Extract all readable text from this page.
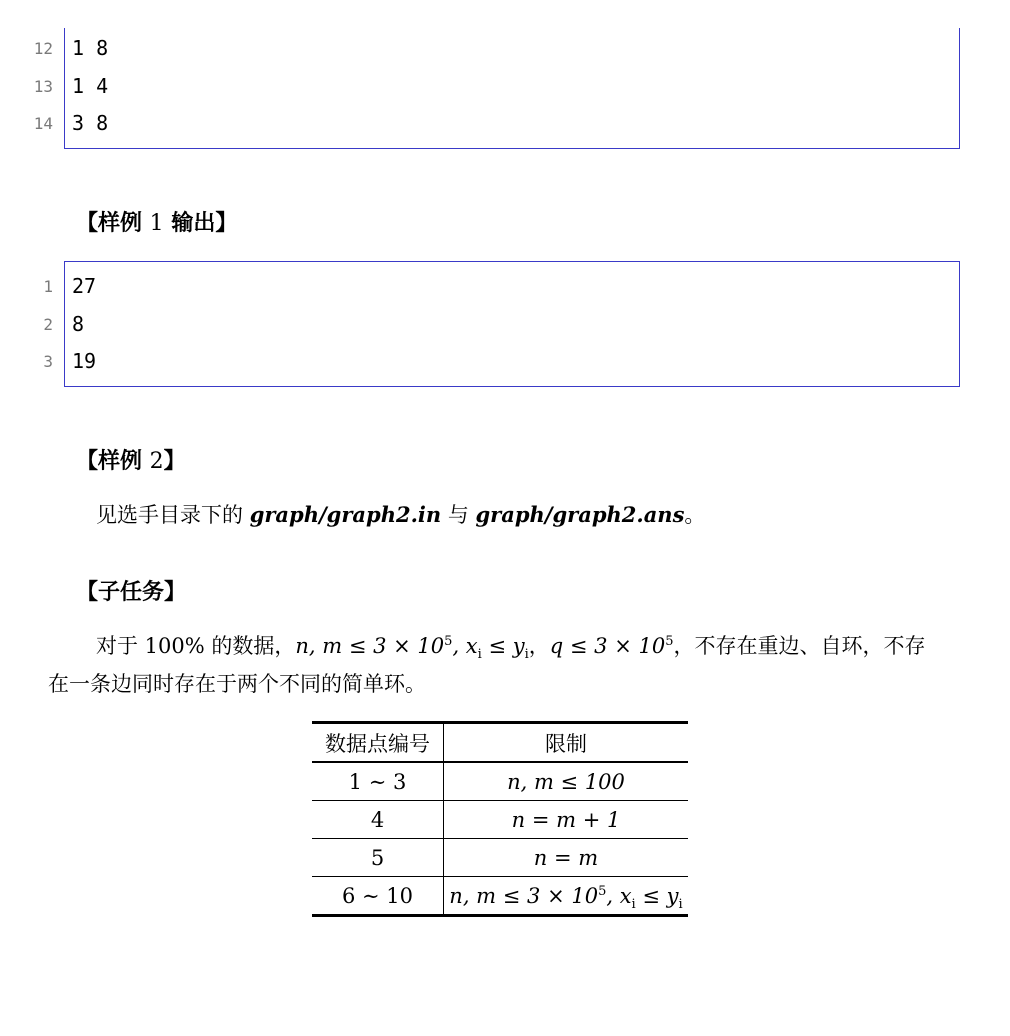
12 1 8
13 1 4
14 3 8
【样例 1 输出】
1 27
2 8
3 19
【样例 2】
见选手目录下的 graph/graph2.in 与 graph/graph2.ans。
【子任务】
对于 100% 的数据，n, $m \le 3 \times 10^5$, $x_i \le y_i$，$q \le 3 \times 10^5$，不存在重边、自环，不存
在一条边同时存在于两个不同的简单环。
数据点编号	限制
1 ∼ 3	n, m ≤ 100
4	n = m + 1
5	n = m
6 ∼ 10	n, $m \le 3 \times 10^5$, $x_i \le y_i$
